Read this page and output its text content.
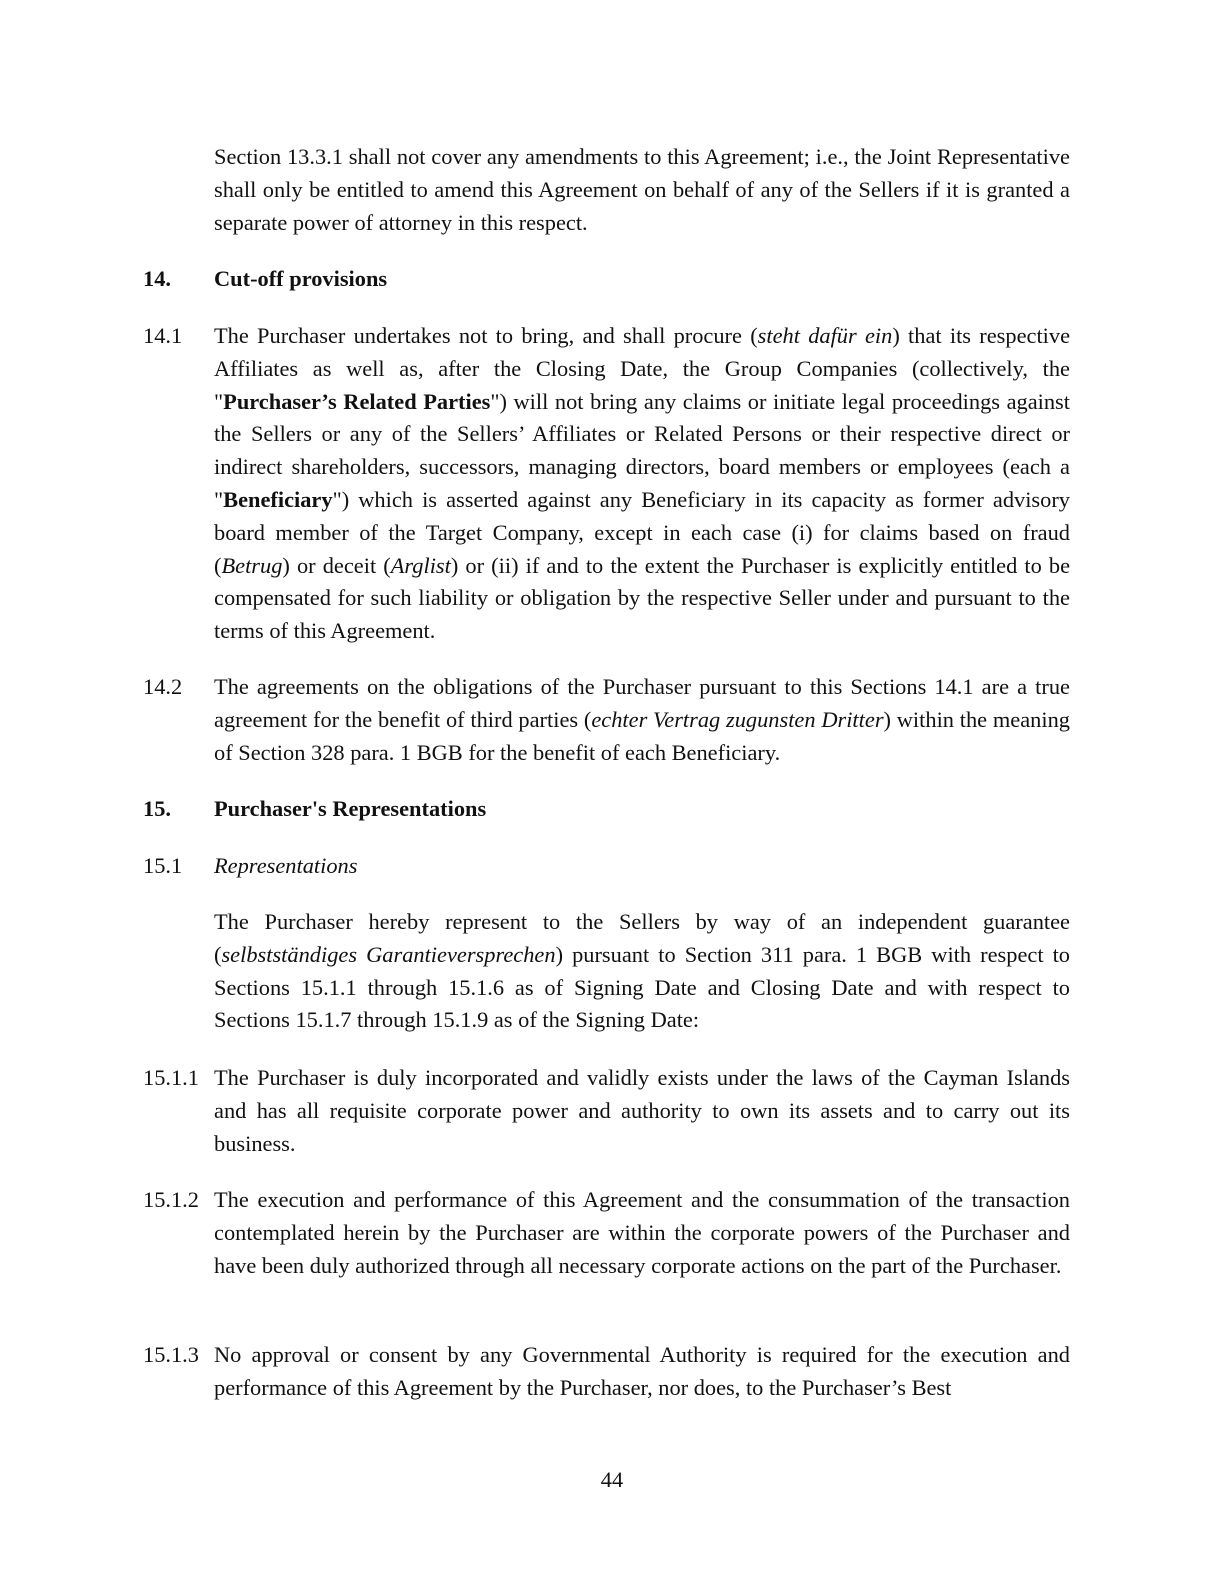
Section 13.3.1 shall not cover any amendments to this Agreement; i.e., the Joint Representative shall only be entitled to amend this Agreement on behalf of any of the Sellers if it is granted a separate power of attorney in this respect.

14. Cut-off provisions

14.1 The Purchaser undertakes not to bring, and shall procure (steht dafür ein) that its respective Affiliates as well as, after the Closing Date, the Group Companies (collectively, the "Purchaser’s Related Parties") will not bring any claims or initiate legal proceedings against the Sellers or any of the Sellers’ Affiliates or Related Persons or their respective direct or indirect shareholders, successors, managing directors, board members or employees (each a "Beneficiary") which is asserted against any Beneficiary in its capacity as former advisory board member of the Target Company, except in each case (i) for claims based on fraud (Betrug) or deceit (Arglist) or (ii) if and to the extent the Purchaser is explicitly entitled to be compensated for such liability or obligation by the respective Seller under and pursuant to the terms of this Agreement.

14.2 The agreements on the obligations of the Purchaser pursuant to this Sections 14.1 are a true agreement for the benefit of third parties (echter Vertrag zugunsten Dritter) within the meaning of Section 328 para. 1 BGB for the benefit of each Beneficiary.

15. Purchaser's Representations

15.1 Representations

The Purchaser hereby represent to the Sellers by way of an independent guarantee (selbstständiges Garantieversprechen) pursuant to Section 311 para. 1 BGB with respect to Sections 15.1.1 through 15.1.6 as of Signing Date and Closing Date and with respect to Sections 15.1.7 through 15.1.9 as of the Signing Date:

15.1.1 The Purchaser is duly incorporated and validly exists under the laws of the Cayman Islands and has all requisite corporate power and authority to own its assets and to carry out its business.

15.1.2 The execution and performance of this Agreement and the consummation of the transaction contemplated herein by the Purchaser are within the corporate powers of the Purchaser and have been duly authorized through all necessary corporate actions on the part of the Purchaser.

15.1.3 No approval or consent by any Governmental Authority is required for the execution and performance of this Agreement by the Purchaser, nor does, to the Purchaser’s Best

44
